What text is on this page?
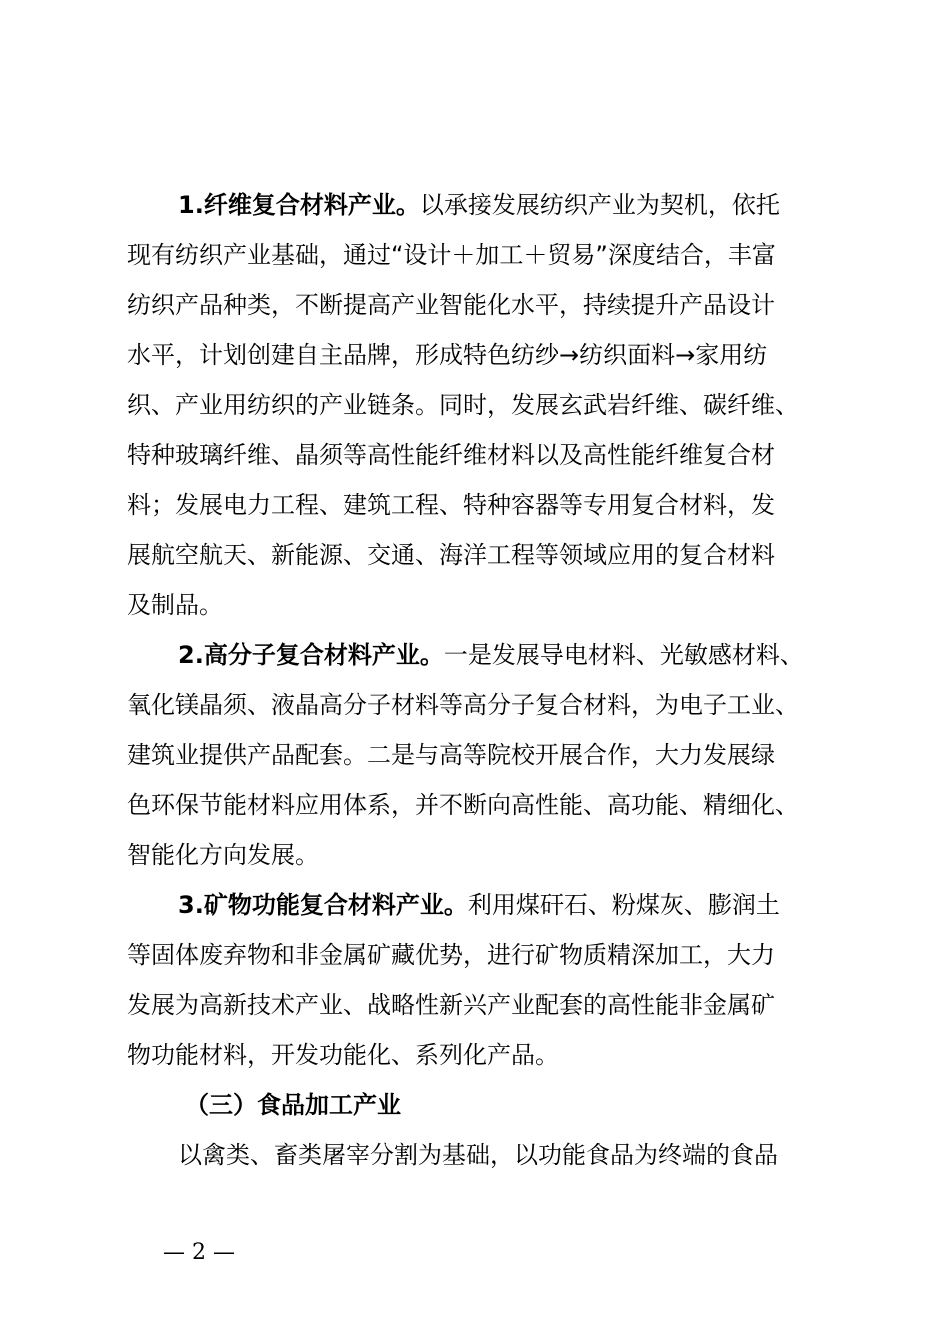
1.纤维复合材料产业。以承接发展纺织产业为契机，依托
现有纺织产业基础，通过“设计＋加工＋贸易”深度结合，丰富
纺织产品种类，不断提高产业智能化水平，持续提升产品设计
水平，计划创建自主品牌，形成特色纺纱→纺织面料→家用纺
织、产业用纺织的产业链条。同时，发展玄武岩纤维、碳纤维、
特种玻璃纤维、晶须等高性能纤维材料以及高性能纤维复合材
料；发展电力工程、建筑工程、特种容器等专用复合材料，发
展航空航天、新能源、交通、海洋工程等领域应用的复合材料
及制品。
2.高分子复合材料产业。一是发展导电材料、光敏感材料、
氧化镁晶须、液晶高分子材料等高分子复合材料，为电子工业、
建筑业提供产品配套。二是与高等院校开展合作，大力发展绿
色环保节能材料应用体系，并不断向高性能、高功能、精细化、
智能化方向发展。
3.矿物功能复合材料产业。利用煤矸石、粉煤灰、膨润土
等固体废弃物和非金属矿藏优势，进行矿物质精深加工，大力
发展为高新技术产业、战略性新兴产业配套的高性能非金属矿
物功能材料，开发功能化、系列化产品。
（三）食品加工产业
以禽类、畜类屠宰分割为基础，以功能食品为终端的食品
— 2 —
